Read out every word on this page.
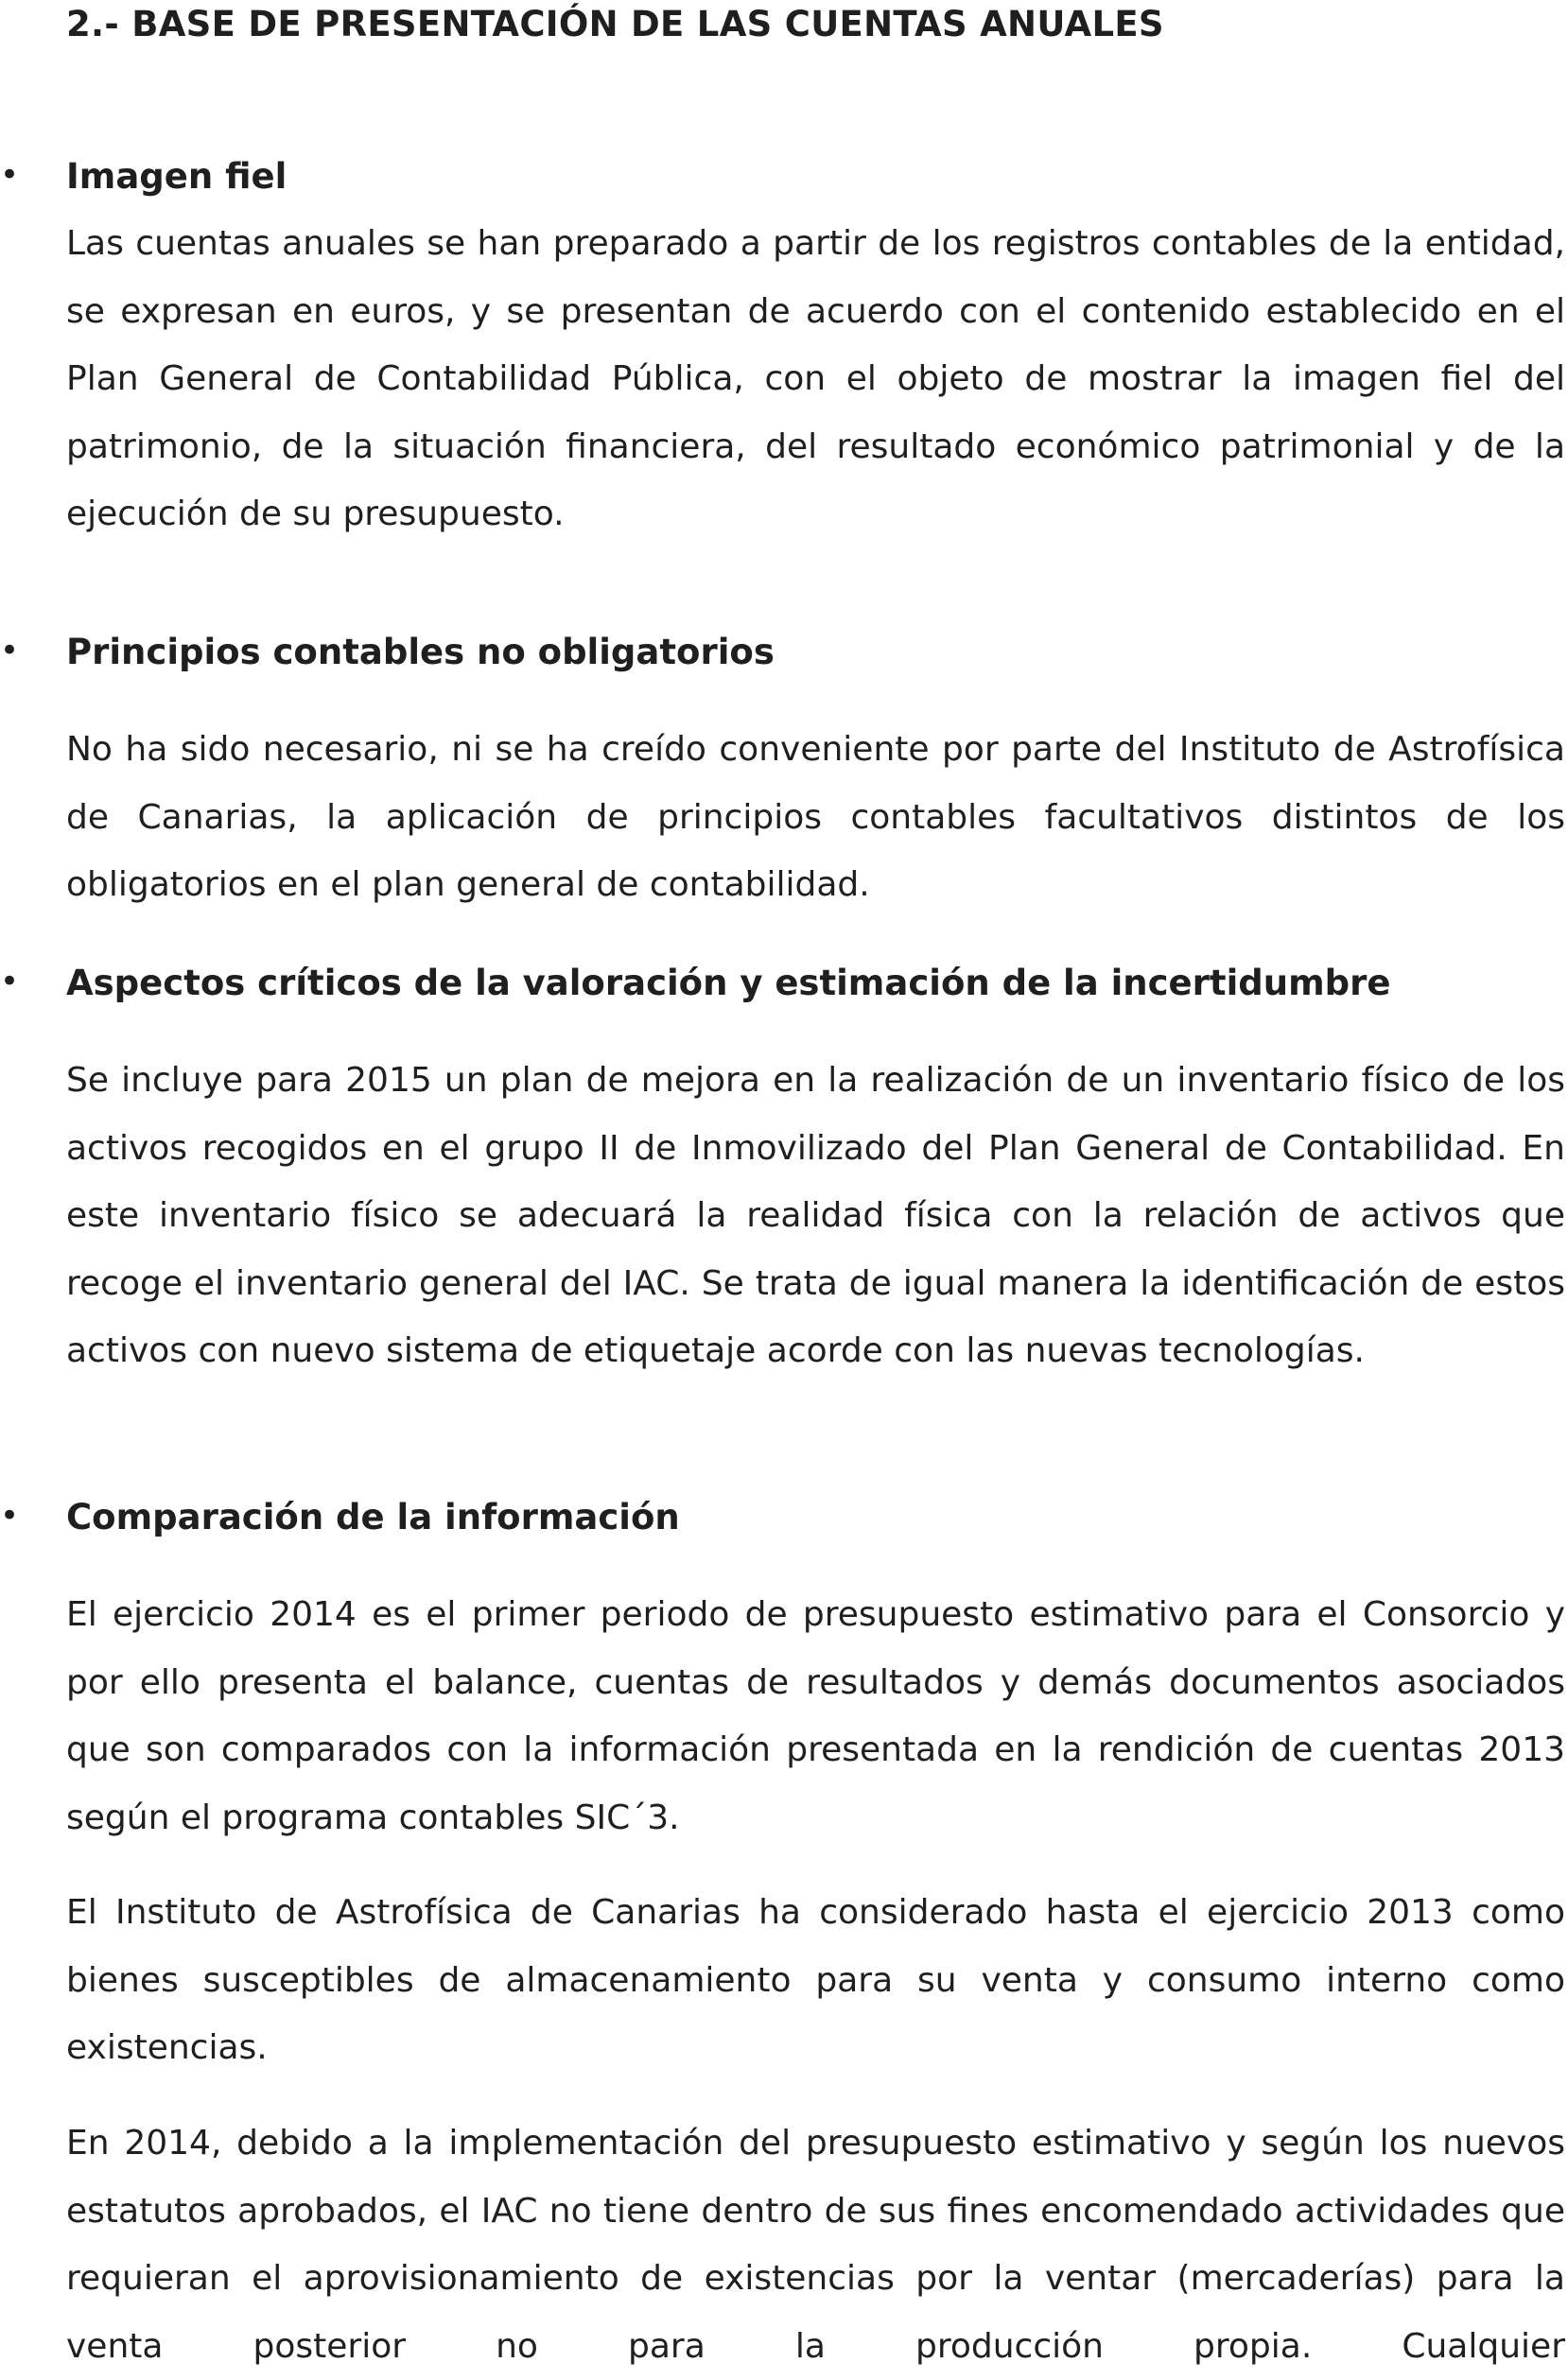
2.- BASE DE PRESENTACIÓN DE LAS CUENTAS ANUALES
• Imagen fiel

Las cuentas anuales se han preparado a partir de los registros contables de la entidad, se expresan en euros, y se presentan de acuerdo con el contenido establecido en el Plan General de Contabilidad Pública, con el objeto de mostrar la imagen fiel del patrimonio, de la situación financiera, del resultado económico patrimonial y de la ejecución de su presupuesto.

• Principios contables no obligatorios

No ha sido necesario, ni se ha creído conveniente por parte del Instituto de Astrofísica de Canarias, la aplicación de principios contables facultativos distintos de los obligatorios en el plan general de contabilidad.

• Aspectos críticos de la valoración y estimación de la incertidumbre

Se incluye para 2015 un plan de mejora en la realización de un inventario físico de los activos recogidos en el grupo II de Inmovilizado del Plan General de Contabilidad. En este inventario físico se adecuará la realidad física con la relación de activos que recoge el inventario general del IAC. Se trata de igual manera la identificación de estos activos con nuevo sistema de etiquetaje acorde con las nuevas tecnologías.

• Comparación de la información

El ejercicio 2014 es el primer periodo de presupuesto estimativo para el Consorcio y por ello presenta el balance, cuentas de resultados y demás documentos asociados que son comparados con la información presentada en la rendición de cuentas 2013 según el programa contables SIC´3.

El Instituto de Astrofísica de Canarias ha considerado hasta el ejercicio 2013 como bienes susceptibles de almacenamiento para su venta y consumo interno como existencias.

En 2014, debido a la implementación del presupuesto estimativo y según los nuevos estatutos aprobados, el IAC no tiene dentro de sus fines encomendado actividades que requieran el aprovisionamiento de existencias por la ventar (mercaderías) para la venta posterior no para la producción propia. Cualquier
